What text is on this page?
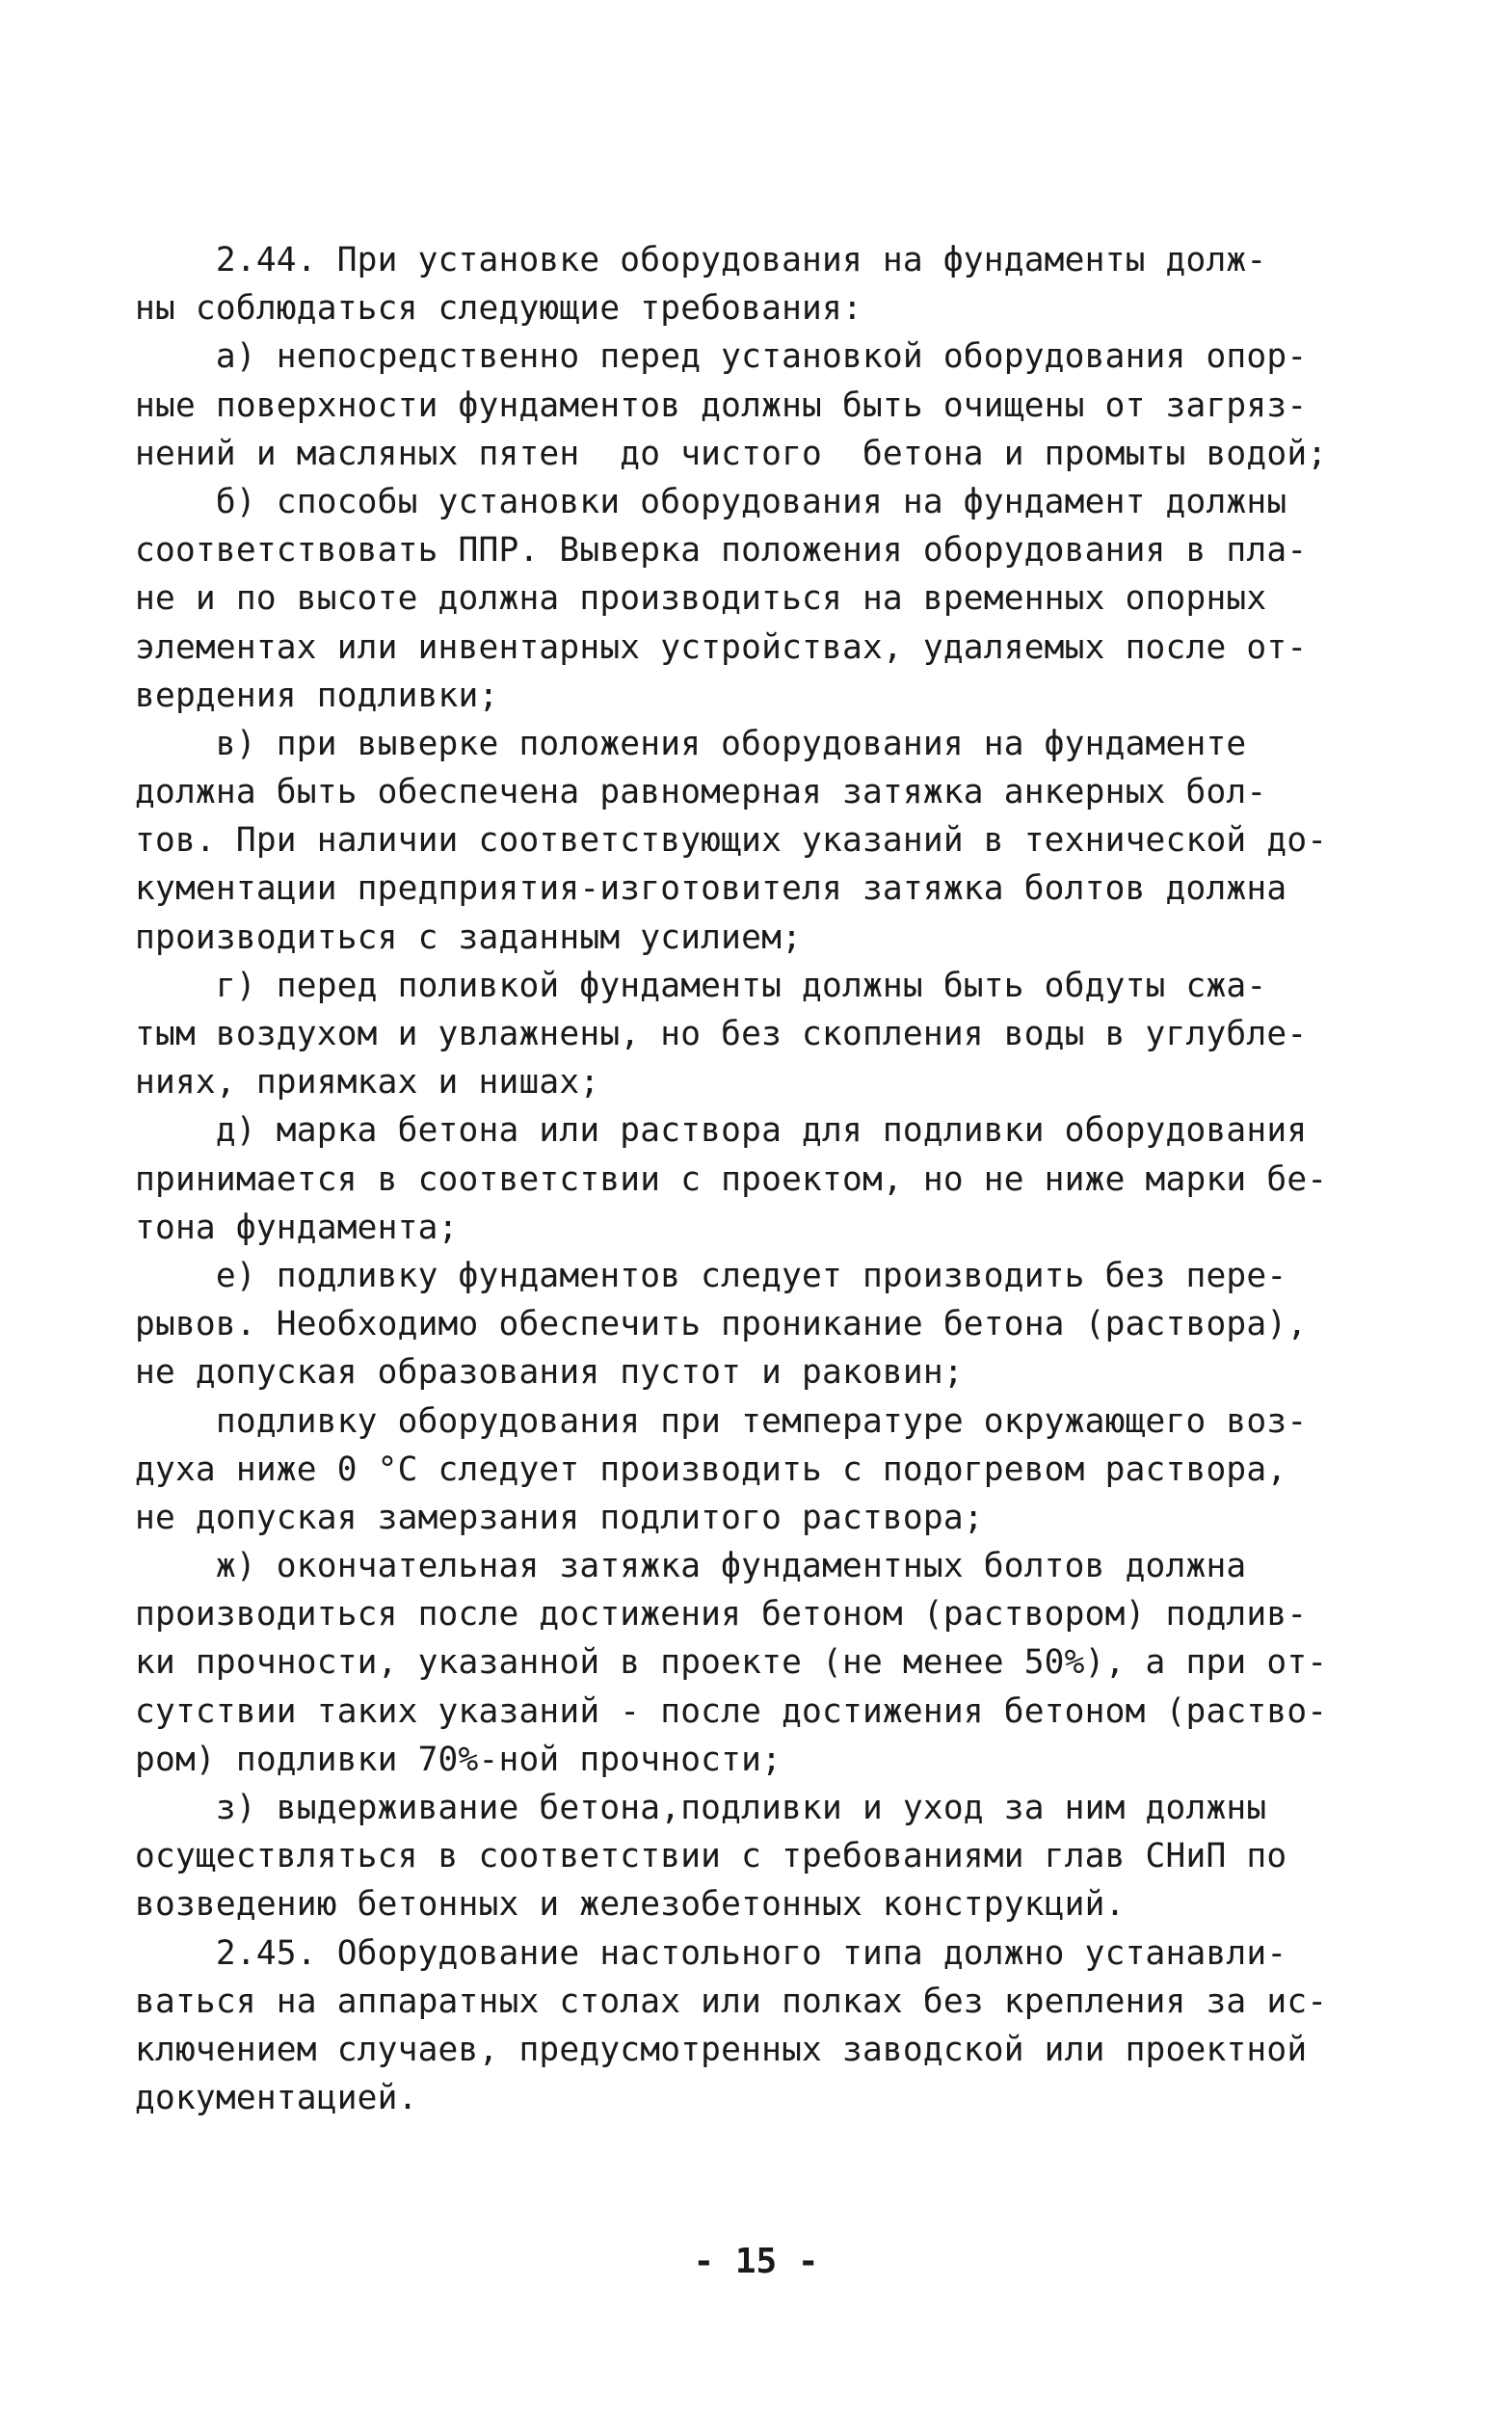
2.44. При установке оборудования на фундаменты долж-
ны соблюдаться следующие требования:
а) непосредственно перед установкой оборудования опор-
ные поверхности фундаментов должны быть очищены от загряз-
нений и масляных пятен  до чистого  бетона и промыты водой;
б) способы установки оборудования на фундамент должны
соответствовать ППР. Выверка положения оборудования в пла-
не и по высоте должна производиться на временных опорных
элементах или инвентарных устройствах, удаляемых после от-
вердения подливки;
в) при выверке положения оборудования на фундаменте
должна быть обеспечена равномерная затяжка анкерных бол-
тов. При наличии соответствующих указаний в технической до-
кументации предприятия-изготовителя затяжка болтов должна
производиться с заданным усилием;
г) перед поливкой фундаменты должны быть обдуты сжа-
тым воздухом и увлажнены, но без скопления воды в углубле-
ниях, приямках и нишах;
д) марка бетона или раствора для подливки оборудования
принимается в соответствии с проектом, но не ниже марки бе-
тона фундамента;
е) подливку фундаментов следует производить без пере-
рывов. Необходимо обеспечить проникание бетона (раствора),
не допуская образования пустот и раковин;
подливку оборудования при температуре окружающего воз-
духа ниже 0 °С следует производить с подогревом раствора,
не допуская замерзания подлитого раствора;
ж) окончательная затяжка фундаментных болтов должна
производиться после достижения бетоном (раствором) подлив-
ки прочности, указанной в проекте (не менее 50%), а при от-
сутствии таких указаний - после достижения бетоном (раство-
ром) подливки 70%-ной прочности;
з) выдерживание бетона,подливки и уход за ним должны
осуществляться в соответствии с требованиями глав СНиП по
возведению бетонных и железобетонных конструкций.
2.45. Оборудование настольного типа должно устанавли-
ваться на аппаратных столах или полках без крепления за ис-
ключением случаев, предусмотренных заводской или проектной
документацией.
- 15 -
